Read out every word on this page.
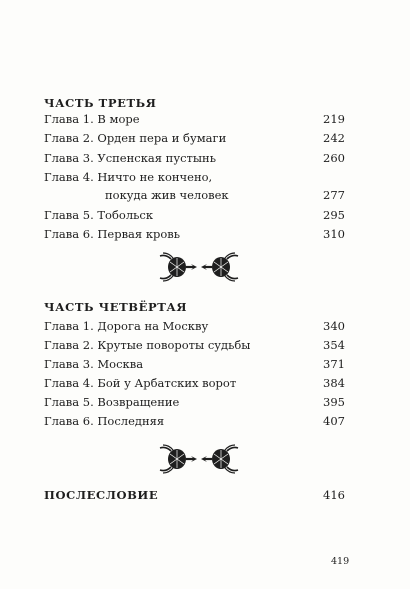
ЧАСТЬ ТРЕТЬЯ
Глава 1. В море	219
Глава 2. Орден пера и бумаги	242
Глава 3. Успенская пустынь	260
Глава 4. Ничто не кончено,
покуда жив человек	277
Глава 5. Тобольск	295
Глава 6. Первая кровь	310
ЧАСТЬ ЧЕТВЁРТАЯ
Глава 1. Дорога на Москву	340
Глава 2. Крутые повороты судьбы	354
Глава 3. Москва	371
Глава 4. Бой у Арбатских ворот	384
Глава 5. Возвращение	395
Глава 6. Последняя	407
ПОСЛЕСЛОВИЕ	416
419
